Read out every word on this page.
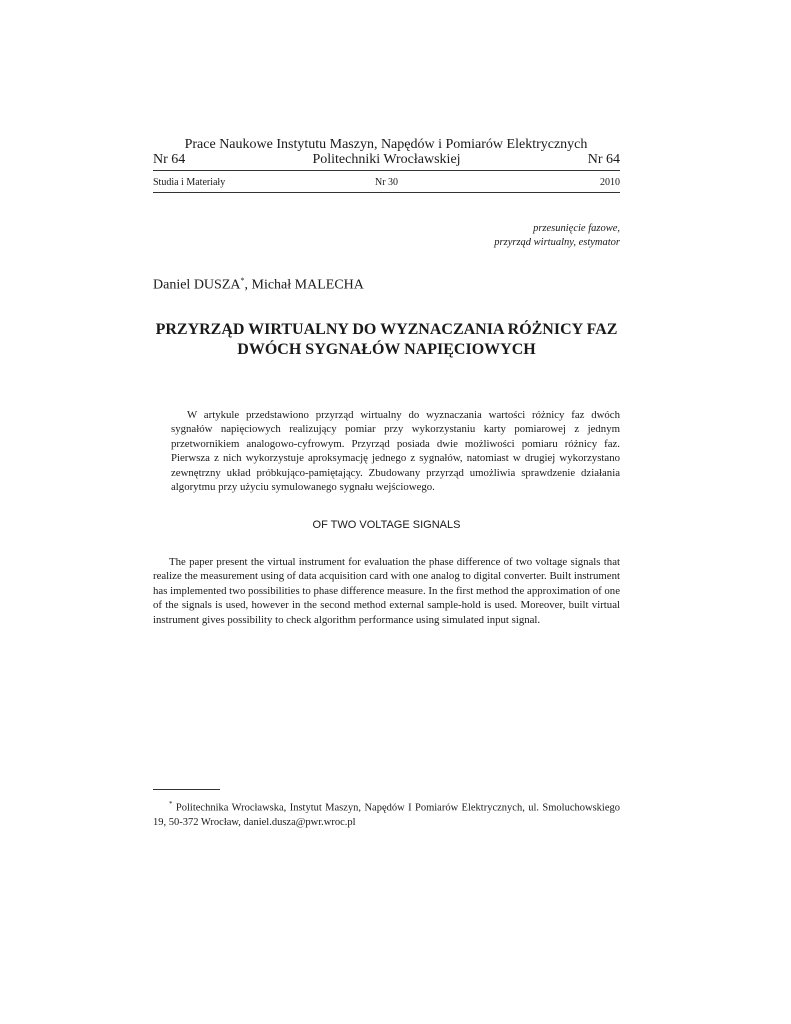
Prace Naukowe Instytutu Maszyn, Napędów i Pomiarów Elektrycznych
Politechniki Wrocławskiej
Nr 64	Nr 64
Nr 30
Studia i Materiały	2010
przesunięcie fazowe,
przyrząd wirtualny, estymator
Daniel DUSZA*, Michał MALECHA
PRZYRZĄD WIRTUALNY DO WYZNACZANIA RÓŻNICY FAZ
DWÓCH SYGNAŁÓW NAPIĘCIOWYCH

W artykule przedstawiono przyrząd wirtualny do wyznaczania wartości różnicy faz dwóch sygnałów napięciowych realizujący pomiar przy wykorzystaniu karty pomiarowej z jednym przetwornikiem analogowo-cyfrowym. Przyrząd posiada dwie możliwości pomiaru różnicy faz. Pierwsza z nich wykorzystuje aproksymację jednego z sygnałów, natomiast w drugiej wykorzystano zewnętrzny układ próbkująco-pamiętający. Zbudowany przyrząd umożliwia sprawdzenie działania algorytmu przy użyciu symulowanego sygnału wejściowego.

OF TWO VOLTAGE SIGNALS

The paper present the virtual instrument for evaluation the phase difference of two voltage signals that realize the measurement using of data acquisition card with one analog to digital converter. Built instrument has implemented two possibilities to phase difference measure. In the first method the approximation of one of the signals is used, however in the second method external sample-hold is used. Moreover, built virtual instrument gives possibility to check algorithm performance using simulated input signal.

* Politechnika Wrocławska, Instytut Maszyn, Napędów I Pomiarów Elektrycznych, ul. Smoluchowskiego 19, 50-372 Wrocław, daniel.dusza@pwr.wroc.pl
